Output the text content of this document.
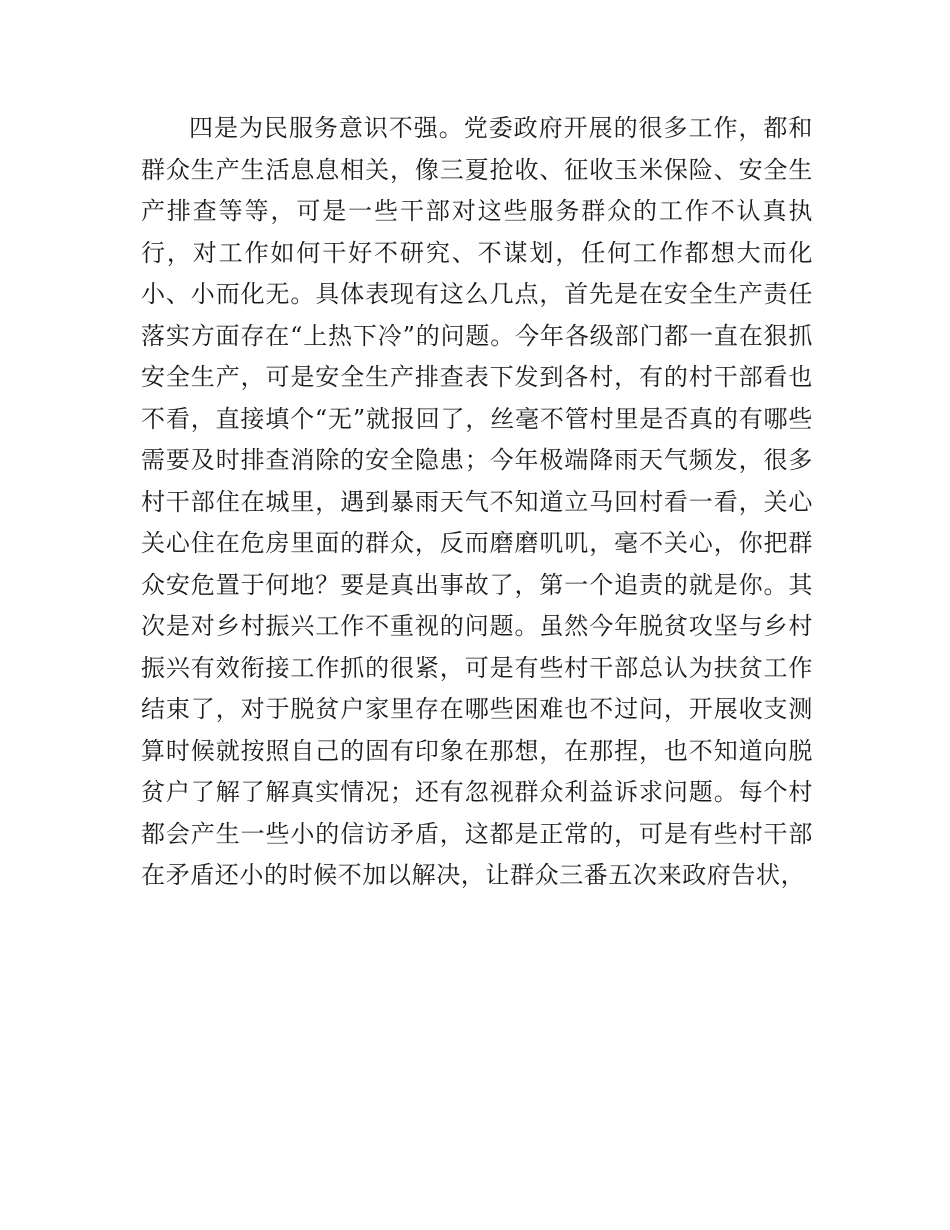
四是为民服务意识不强。党委政府开展的很多工作，都和群众生产生活息息相关，像三夏抢收、征收玉米保险、安全生产排查等等，可是一些干部对这些服务群众的工作不认真执行，对工作如何干好不研究、不谋划，任何工作都想大而化小、小而化无。具体表现有这么几点，首先是在安全生产责任落实方面存在“上热下冷”的问题。今年各级部门都一直在狠抓安全生产，可是安全生产排查表下发到各村，有的村干部看也不看，直接填个“无”就报回了，丝毫不管村里是否真的有哪些需要及时排查消除的安全隐患；今年极端降雨天气频发，很多村干部住在城里，遇到暴雨天气不知道立马回村看一看，关心关心住在危房里面的群众，反而磨磨叽叽，毫不关心，你把群众安危置于何地？要是真出事故了，第一个追责的就是你。其次是对乡村振兴工作不重视的问题。虽然今年脱贫攻坚与乡村振兴有效衔接工作抓的很紧，可是有些村干部总认为扶贫工作结束了，对于脱贫户家里存在哪些困难也不过问，开展收支测算时候就按照自己的固有印象在那想，在那捏，也不知道向脱贫户了解了解真实情况；还有忽视群众利益诉求问题。每个村都会产生一些小的信访矛盾，这都是正常的，可是有些村干部在矛盾还小的时候不加以解决，让群众三番五次来政府告状，
